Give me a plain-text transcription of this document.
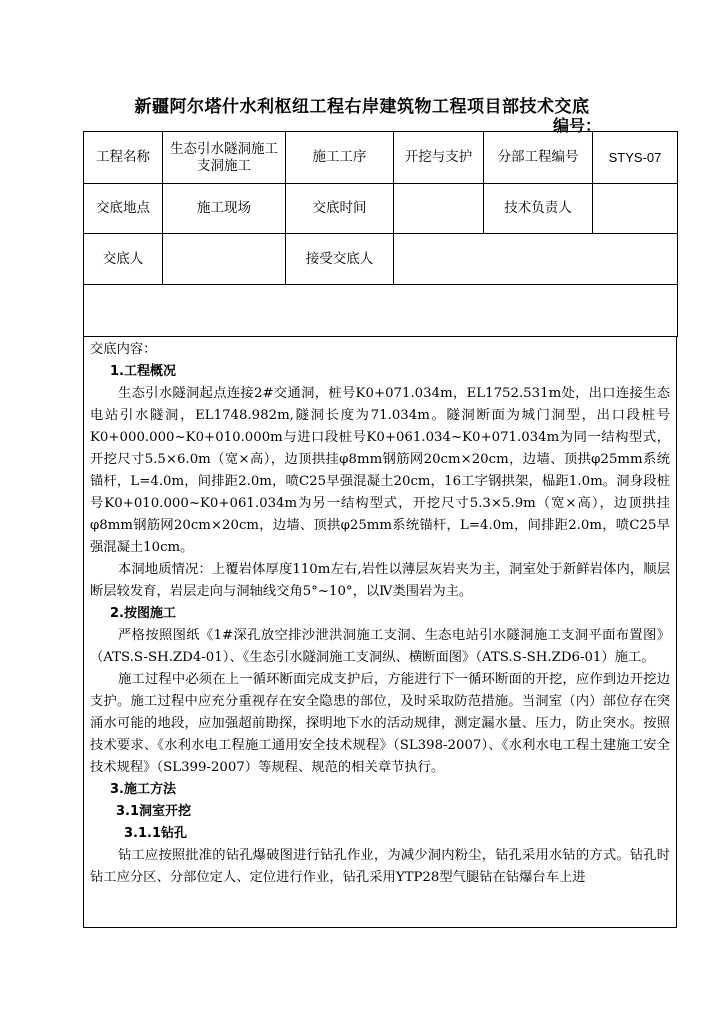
新疆阿尔塔什水利枢纽工程右岸建筑物工程项目部技术交底
编号：
工程名称	生态引水隧洞施工支洞施工	施工工序	开挖与支护	分部工程编号	STYS-07
交底地点	施工现场	交底时间		技术负责人	
交底人		接受交底人			

交底内容：

1.工程概况

生态引水隧洞起点连接2#交通洞，桩号K0+071.034m，EL1752.531m处，出口连接生态电站引水隧洞，EL1748.982m,隧洞长度为71.034m。隧洞断面为城门洞型，出口段桩号K0+000.000~K0+010.000m与进口段桩号K0+061.034~K0+071.034m为同一结构型式，开挖尺寸5.5×6.0m（宽×高），边顶拱挂φ8mm钢筋网20cm×20cm，边墙、顶拱φ25mm系统锚杆，L=4.0m，间排距2.0m，喷C25早强混凝土20cm，16工字钢拱架，榀距1.0m。洞身段桩号K0+010.000~K0+061.034m为另一结构型式，开挖尺寸5.3×5.9m（宽×高），边顶拱挂φ8mm钢筋网20cm×20cm，边墙、顶拱φ25mm系统锚杆，L=4.0m，间排距2.0m，喷C25早强混凝土10cm。

本洞地质情况：上覆岩体厚度110m左右,岩性以薄层灰岩夹为主，洞室处于新鲜岩体内，顺层断层较发育，岩层走向与洞轴线交角5°~10°，以Ⅳ类围岩为主。

2.按图施工

严格按照图纸《1#深孔放空排沙泄洪洞施工支洞、生态电站引水隧洞施工支洞平面布置图》（ATS.S-SH.ZD4-01）、《生态引水隧洞施工支洞纵、横断面图》（ATS.S-SH.ZD6-01）施工。

施工过程中必须在上一循环断面完成支护后，方能进行下一循环断面的开挖，应作到边开挖边支护。施工过程中应充分重视存在安全隐患的部位，及时采取防范措施。当洞室（内）部位存在突涌水可能的地段，应加强超前勘探，探明地下水的活动规律，测定漏水量、压力，防止突水。按照技术要求、《水利水电工程施工通用安全技术规程》（SL398-2007）、《水利水电工程土建施工安全技术规程》（SL399-2007）等规程、规范的相关章节执行。

3.施工方法

3.1洞室开挖

3.1.1钻孔

钻工应按照批准的钻孔爆破图进行钻孔作业，为减少洞内粉尘，钻孔采用水钻的方式。钻孔时钻工应分区、分部位定人、定位进行作业，钻孔采用YTP28型气腿钻在钻爆台车上进
